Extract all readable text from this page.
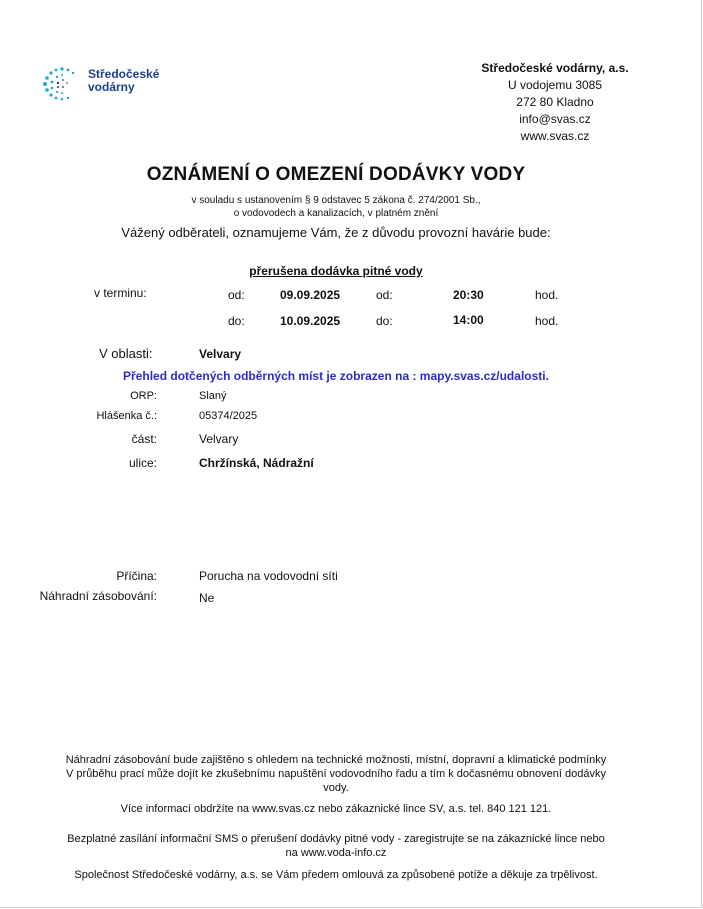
Středočeské
vodárny
Středočeské vodárny, a.s.
U vodojemu 3085
272 80 Kladno
info@svas.cz
www.svas.cz
OZNÁMENÍ O OMEZENÍ DODÁVKY VODY
v souladu s ustanovením § 9 odstavec 5 zákona č. 274/2001 Sb.,
o vodovodech a kanalizacích, v platném znění
Vážený odběrateli, oznamujeme Vám, že z důvodu provozní havárie bude:
přerušena dodávka pitné vody
v terminu:	od:	09.09.2025	od:	20:30	hod.
do:	10.09.2025	do:	14:00	hod.
V oblasti:	Velvary
Přehled dotčených odběrných míst je zobrazen na : mapy.svas.cz/udalosti.
ORP:	Slaný
Hlášenka č.:	05374/2025
část:	Velvary
ulice:	Chržínská, Nádražní
Příčina:	Porucha na vodovodní síti
Náhradní zásobování:	Ne
Náhradní zásobování bude zajištěno s ohledem na technické možnosti, místní, dopravní a klimatické podmínky
V průběhu prací může dojít ke zkušebnímu napuštění vodovodního řadu a tím k dočasnému obnovení dodávky
vody.
Více informací obdržíte na www.svas.cz nebo zákaznické lince SV, a.s. tel. 840 121 121.
Bezplatné zasílání informační SMS o přerušení dodávky pitné vody - zaregistrujte se na zákaznické lince nebo
na www.voda-info.cz
Společnost Středočeské vodárny, a.s. se Vám předem omlouvá za způsobené potíže a děkuje za trpělivost.
